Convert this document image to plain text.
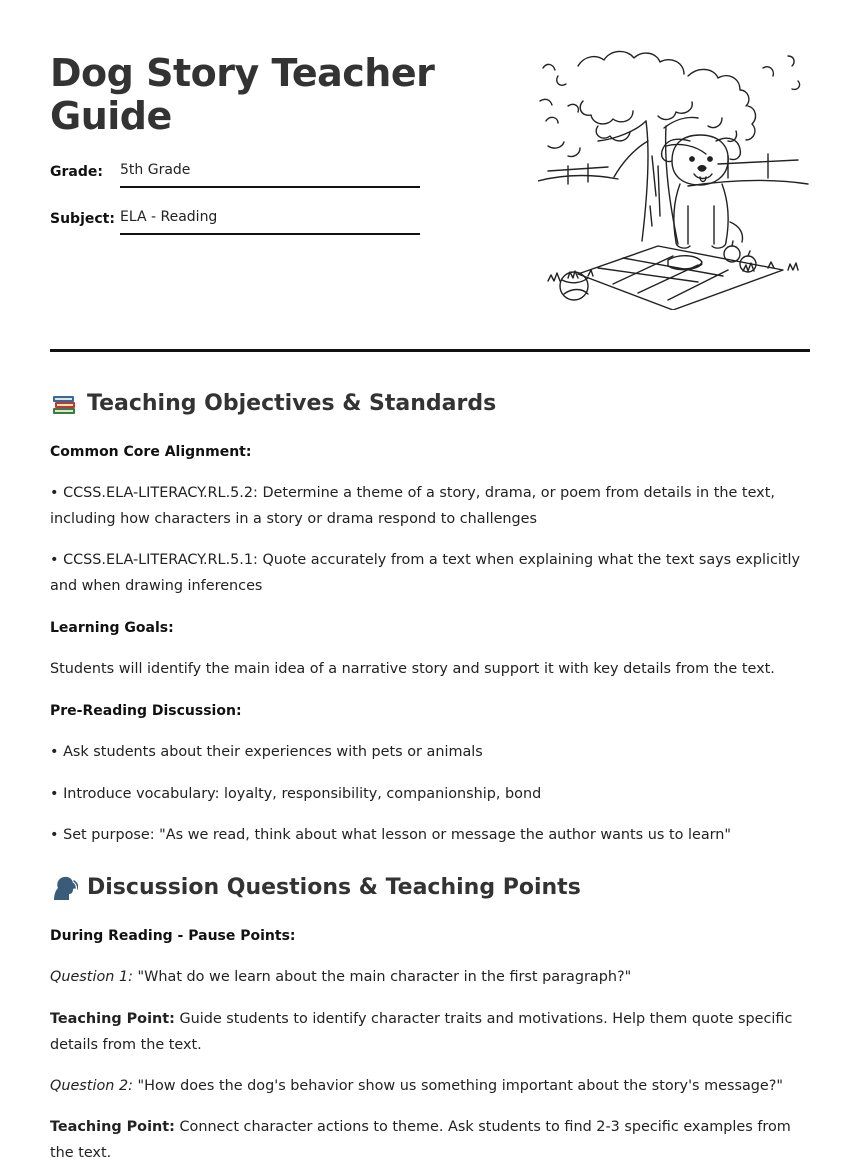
Dog Story Teacher Guide
Grade: 5th Grade
Subject: ELA - Reading
Teaching Objectives & Standards
Common Core Alignment:
• CCSS.ELA-LITERACY.RL.5.2: Determine a theme of a story, drama, or poem from details in the text, including how characters in a story or drama respond to challenges
• CCSS.ELA-LITERACY.RL.5.1: Quote accurately from a text when explaining what the text says explicitly and when drawing inferences
Learning Goals:
Students will identify the main idea of a narrative story and support it with key details from the text.
Pre-Reading Discussion:
• Ask students about their experiences with pets or animals
• Introduce vocabulary: loyalty, responsibility, companionship, bond
• Set purpose: "As we read, think about what lesson or message the author wants us to learn"
Discussion Questions & Teaching Points
During Reading - Pause Points:
Question 1: "What do we learn about the main character in the first paragraph?"
Teaching Point: Guide students to identify character traits and motivations. Help them quote specific details from the text.
Question 2: "How does the dog's behavior show us something important about the story's message?"
Teaching Point: Connect character actions to theme. Ask students to find 2-3 specific examples from the text.
